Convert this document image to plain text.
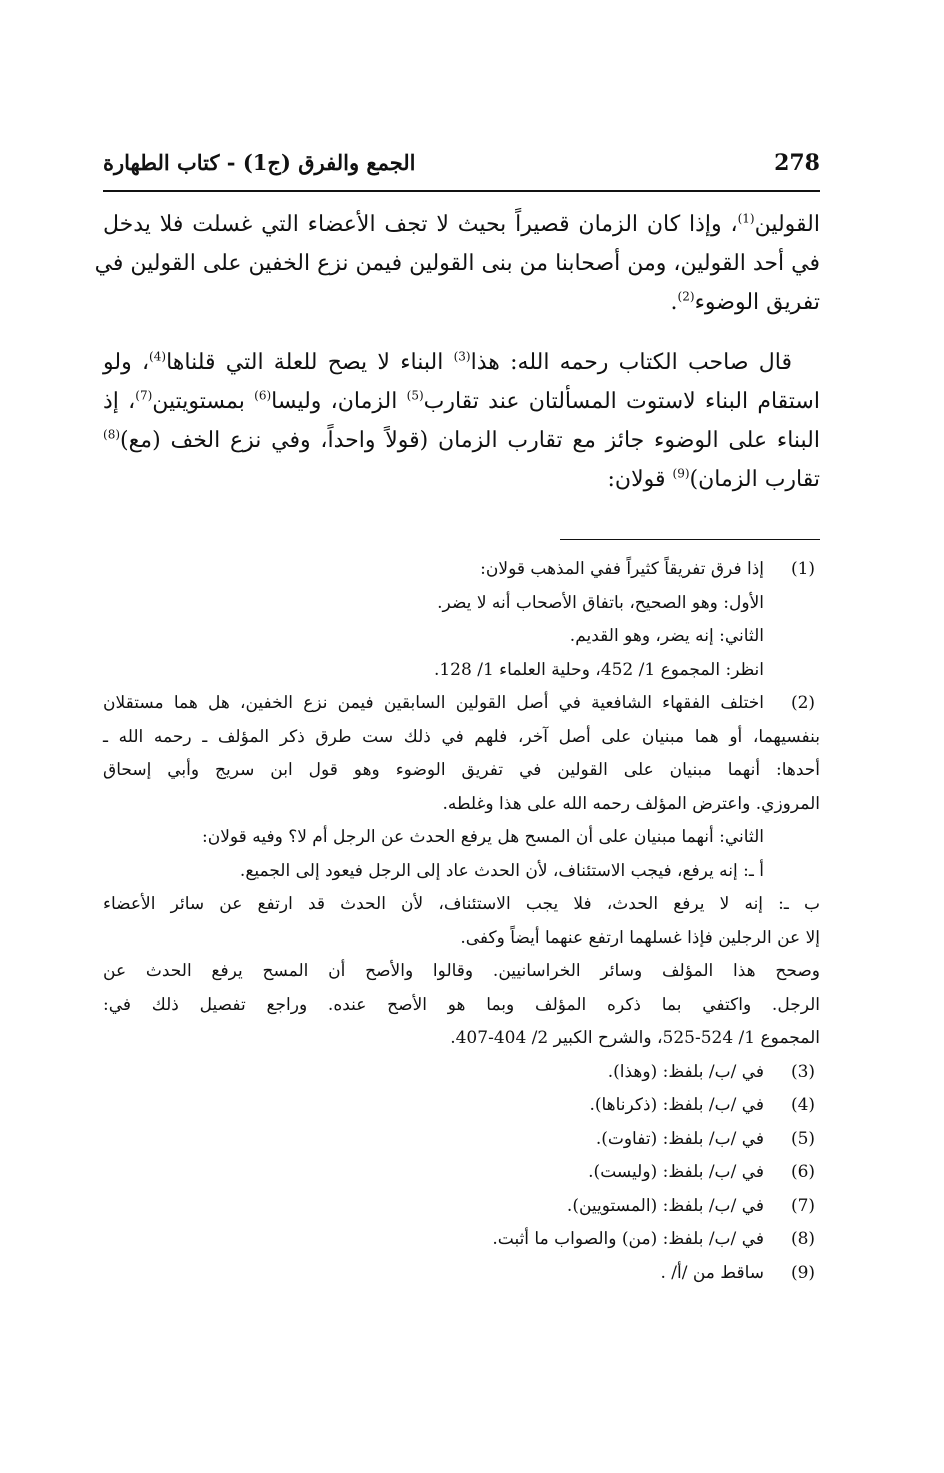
278
الجمع والفرق (ج1) - كتاب الطهارة
القولين$^{(1)}$، وإذا كان الزمان قصيراً بحيث لا تجف الأعضاء التي غسلت فلا يدخل
في أحد القولين، ومن أصحابنا من بنى القولين فيمن نزع الخفين على القولين في
تفريق الوضوء$^{(2)}$.
قال صاحب الكتاب رحمه الله: هذا$^{(3)}$ البناء لا يصح للعلة التي قلناها$^{(4)}$، ولو
استقام البناء لاستوت المسألتان عند تقارب$^{(5)}$ الزمان، وليسا$^{(6)}$ بمستويتين$^{(7)}$، إذ
البناء على الوضوء جائز مع تقارب الزمان (قولاً واحداً، وفي نزع الخف (مع)$^{(8)}$
تقارب الزمان)$^{(9)}$ قولان:
(1)
إذا فرق تفريقاً كثيراً ففي المذهب قولان:
الأول: وهو الصحيح، باتفاق الأصحاب أنه لا يضر.
الثاني: إنه يضر، وهو القديم.
انظر: المجموع 1/ 452، وحلية العلماء 1/ 128.
(2)
اختلف الفقهاء الشافعية في أصل القولين السابقين فيمن نزع الخفين، هل هما مستقلان
بنفسيهما، أو هما مبنيان على أصل آخر، فلهم في ذلك ست طرق ذكر المؤلف ـ رحمه الله ـ
أحدها: أنهما مبنيان على القولين في تفريق الوضوء وهو قول ابن سريج وأبي إسحاق
المروزي. واعترض المؤلف رحمه الله على هذا وغلطه.
الثاني: أنهما مبنيان على أن المسح هل يرفع الحدث عن الرجل أم لا؟ وفيه قولان:
أ ـ: إنه يرفع، فيجب الاستئناف، لأن الحدث عاد إلى الرجل فيعود إلى الجميع.
ب ـ: إنه لا يرفع الحدث، فلا يجب الاستئناف، لأن الحدث قد ارتفع عن سائر الأعضاء
إلا عن الرجلين فإذا غسلهما ارتفع عنهما أيضاً وكفى.
وصحح هذا المؤلف وسائر الخراسانيين. وقالوا والأصح أن المسح يرفع الحدث عن
الرجل. واكتفي بما ذكره المؤلف وبما هو الأصح عنده. وراجع تفصيل ذلك في:
المجموع 1/ 524-525، والشرح الكبير 2/ 404-407.
(3)
في /ب/ بلفظ: (وهذا).
(4)
في /ب/ بلفظ: (ذكرناها).
(5)
في /ب/ بلفظ: (تفاوت).
(6)
في /ب/ بلفظ: (وليست).
(7)
في /ب/ بلفظ: (المستويين).
(8)
في /ب/ بلفظ: (من) والصواب ما أثبت.
(9)
ساقط من /أ/ .
